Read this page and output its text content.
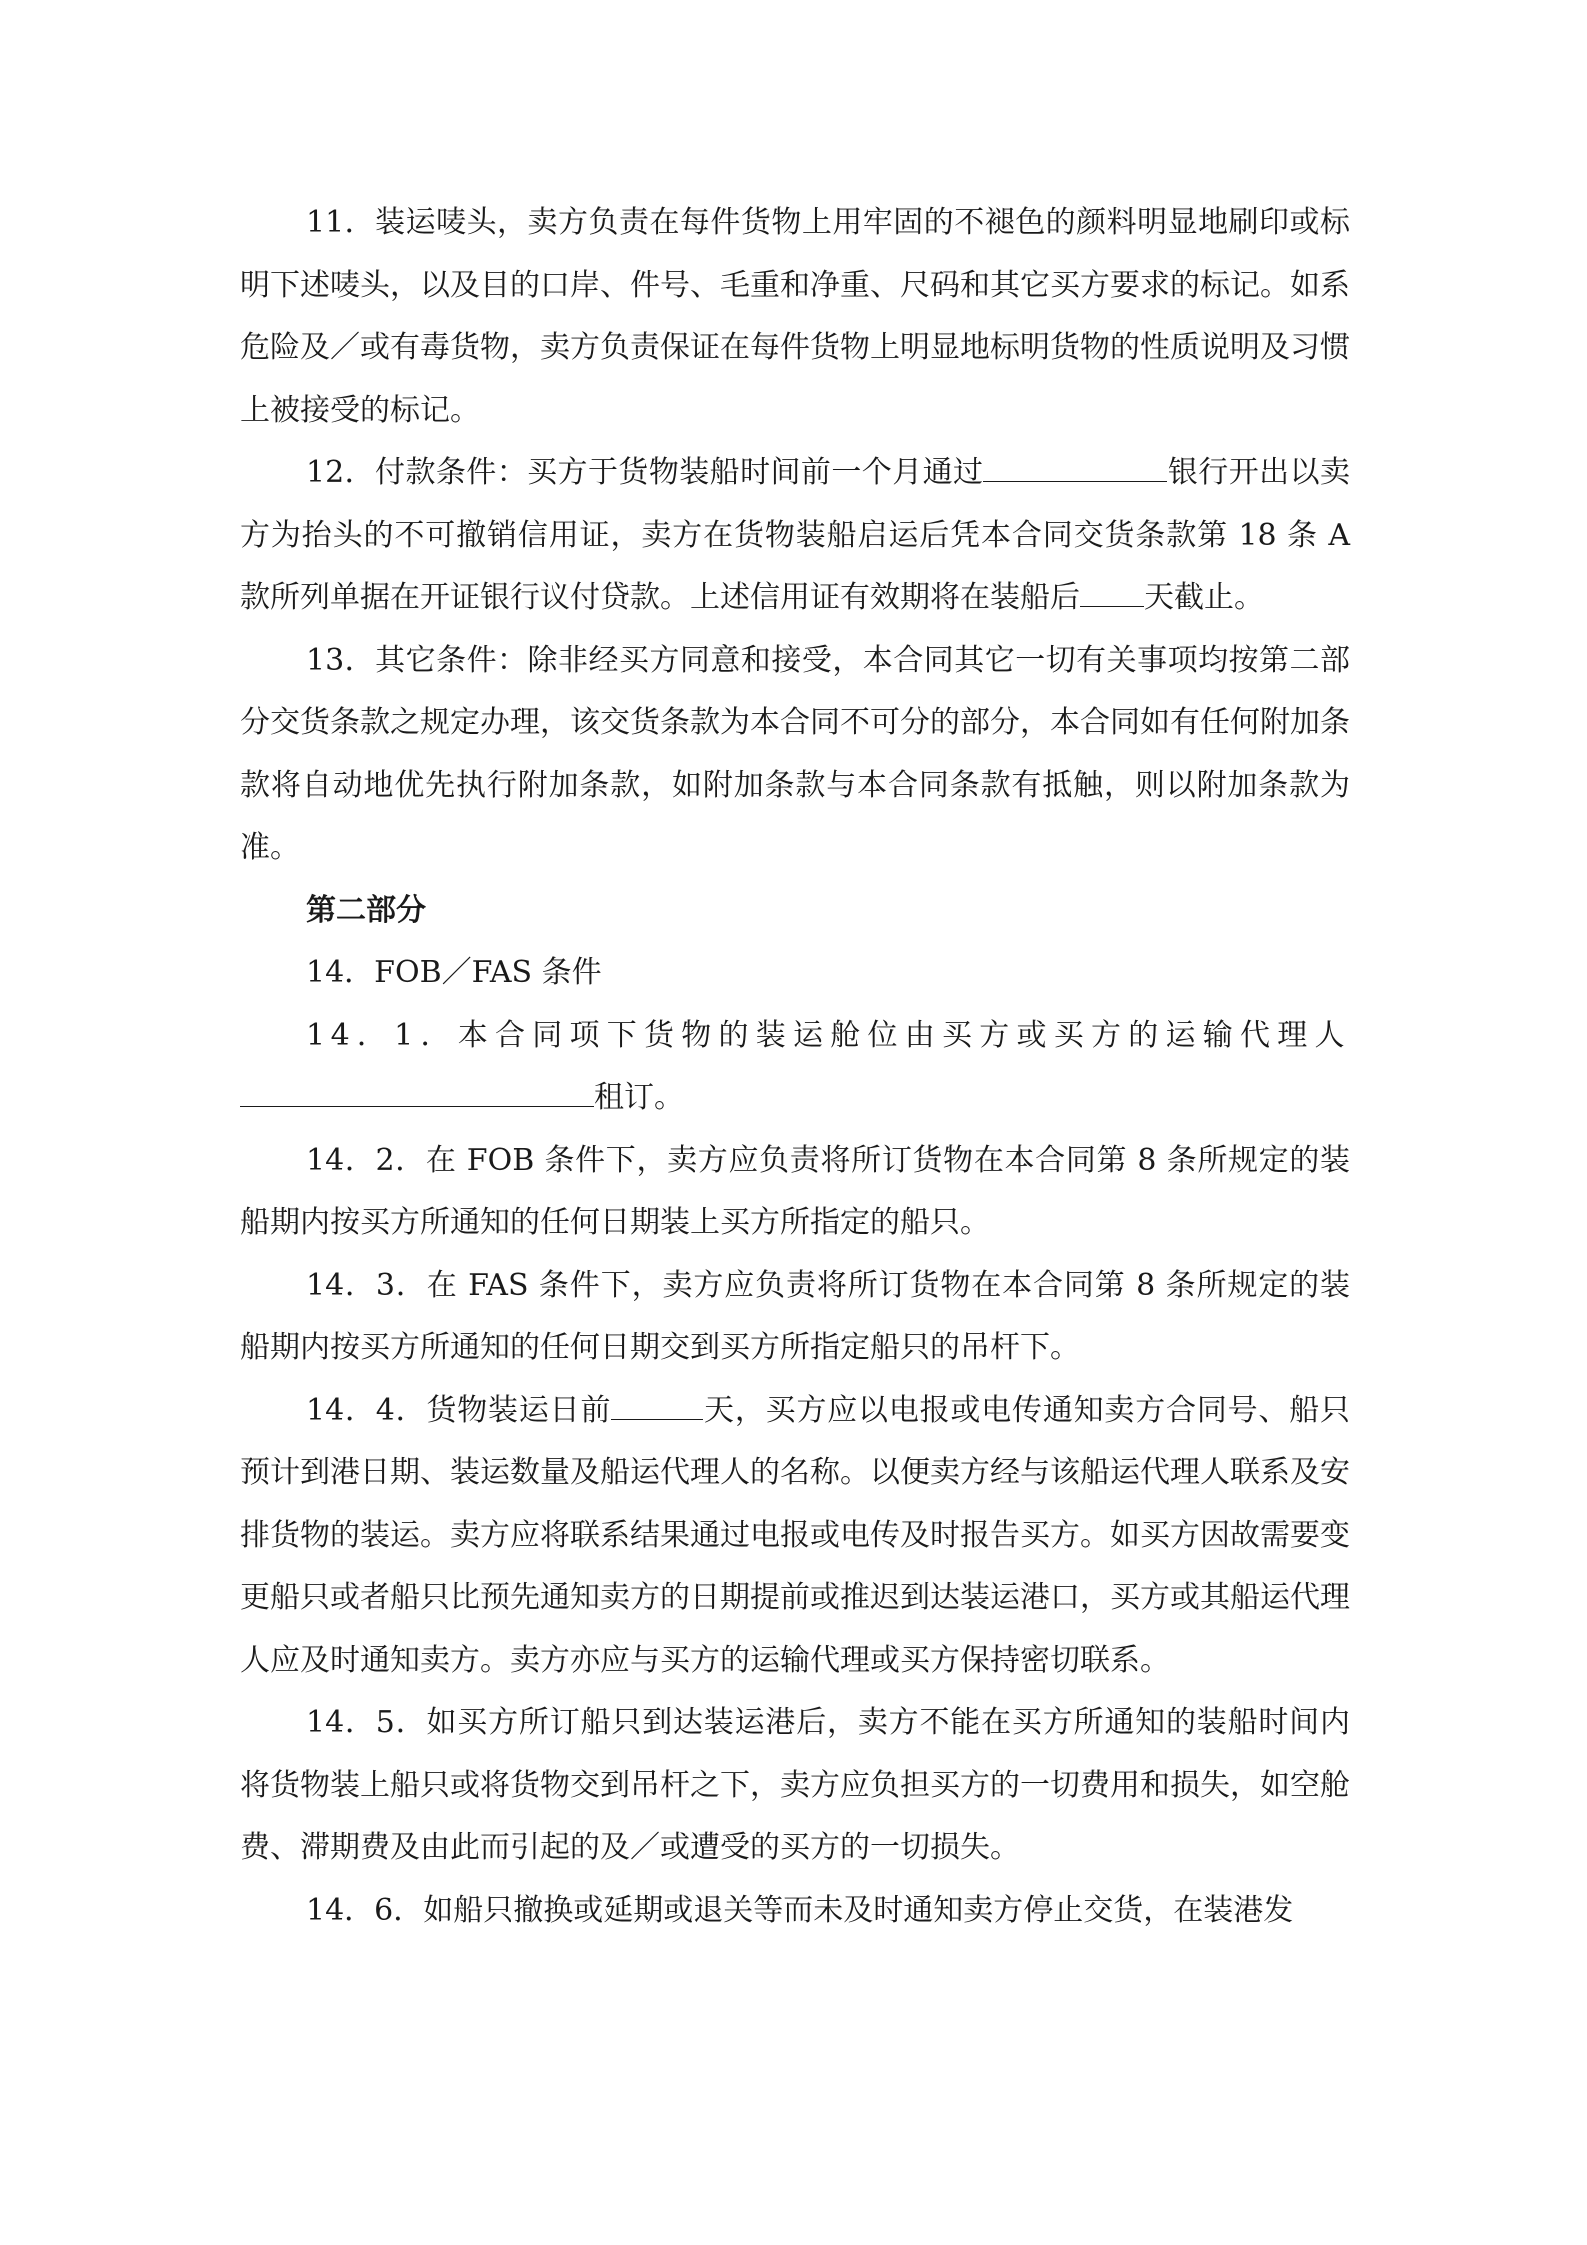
11．装运唛头，卖方负责在每件货物上用牢固的不褪色的颜料明显地刷印或标明下述唛头，以及目的口岸、件号、毛重和净重、尺码和其它买方要求的标记。如系危险及／或有毒货物，卖方负责保证在每件货物上明显地标明货物的性质说明及习惯上被接受的标记。

12．付款条件：买方于货物装船时间前一个月通过	银行开出以卖方为抬头的不可撤销信用证，卖方在货物装船启运后凭本合同交货条款第 18 条 A 款所列单据在开证银行议付贷款。上述信用证有效期将在装船后 天截止。

13．其它条件：除非经买方同意和接受，本合同其它一切有关事项均按第二部分交货条款之规定办理，该交货条款为本合同不可分的部分，本合同如有任何附加条款将自动地优先执行附加条款，如附加条款与本合同条款有抵触，则以附加条款为准。

第二部分

14．FOB／FAS 条件

14．1．本合同项下货物的装运舱位由买方或买方的运输代理人租订。

14．2．在 FOB 条件下，卖方应负责将所订货物在本合同第 8 条所规定的装船期内按买方所通知的任何日期装上买方所指定的船只。

14．3．在 FAS 条件下，卖方应负责将所订货物在本合同第 8 条所规定的装船期内按买方所通知的任何日期交到买方所指定船只的吊杆下。

14．4．货物装运日前	天，买方应以电报或电传通知卖方合同号、船只预计到港日期、装运数量及船运代理人的名称。以便卖方经与该船运代理人联系及安排货物的装运。卖方应将联系结果通过电报或电传及时报告买方。如买方因故需要变更船只或者船只比预先通知卖方的日期提前或推迟到达装运港口，买方或其船运代理人应及时通知卖方。卖方亦应与买方的运输代理或买方保持密切联系。

14．5．如买方所订船只到达装运港后，卖方不能在买方所通知的装船时间内将货物装上船只或将货物交到吊杆之下，卖方应负担买方的一切费用和损失，如空舱费、滞期费及由此而引起的及／或遭受的买方的一切损失。

14．6．如船只撤换或延期或退关等而未及时通知卖方停止交货，在装港发
